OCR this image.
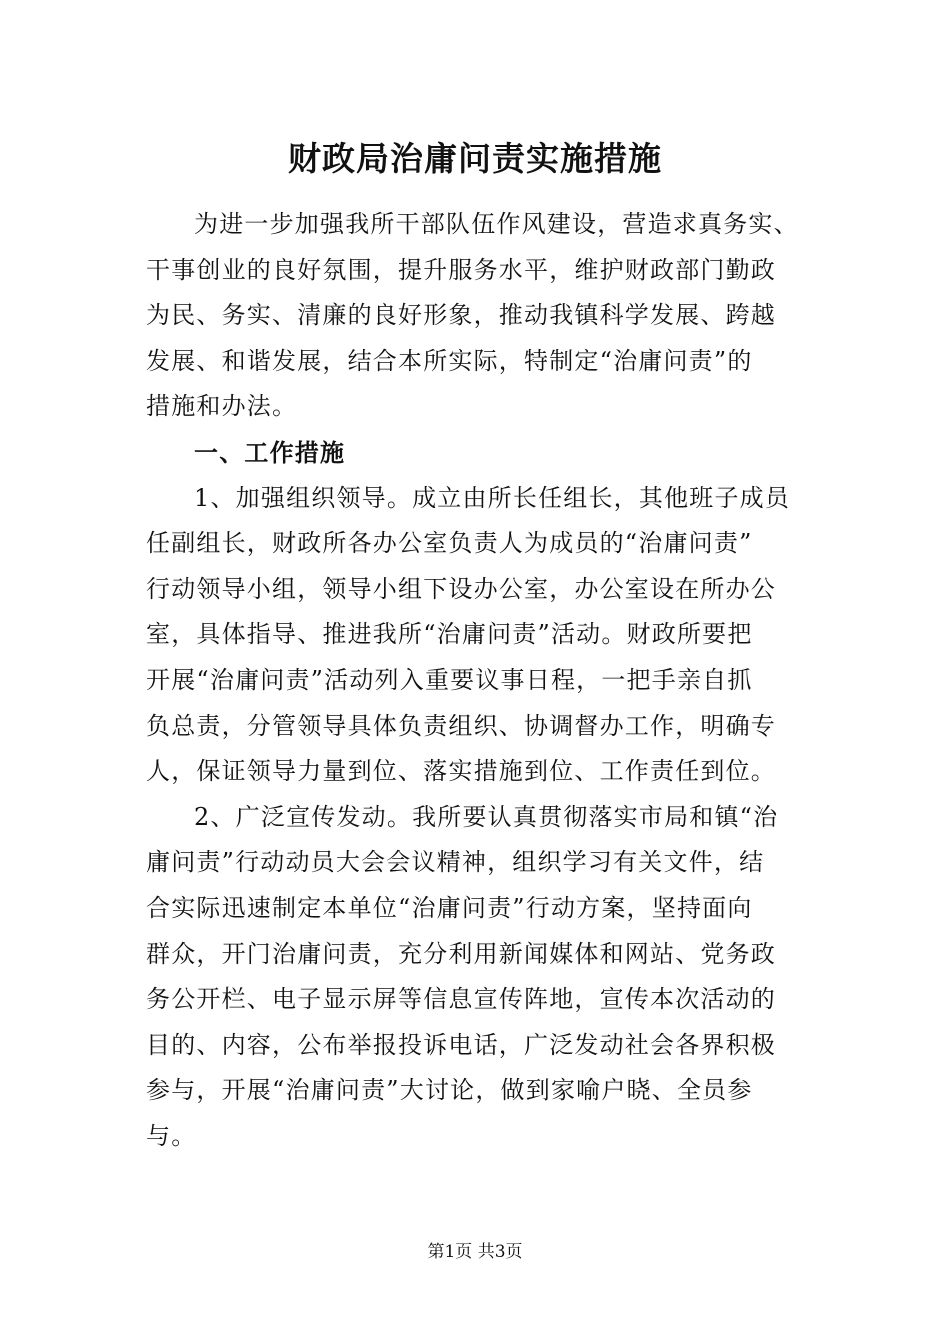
财政局治庸问责实施措施
为进一步加强我所干部队伍作风建设，营造求真务实、
干事创业的良好氛围，提升服务水平，维护财政部门勤政
为民、务实、清廉的良好形象，推动我镇科学发展、跨越
发展、和谐发展，结合本所实际，特制定“治庸问责”的
措施和办法。
一、工作措施
1、加强组织领导。成立由所长任组长，其他班子成员
任副组长，财政所各办公室负责人为成员的“治庸问责”
行动领导小组，领导小组下设办公室，办公室设在所办公
室，具体指导、推进我所“治庸问责”活动。财政所要把
开展“治庸问责”活动列入重要议事日程，一把手亲自抓
负总责，分管领导具体负责组织、协调督办工作，明确专
人，保证领导力量到位、落实措施到位、工作责任到位。
2、广泛宣传发动。我所要认真贯彻落实市局和镇“治
庸问责”行动动员大会会议精神，组织学习有关文件，结
合实际迅速制定本单位“治庸问责”行动方案，坚持面向
群众，开门治庸问责，充分利用新闻媒体和网站、党务政
务公开栏、电子显示屏等信息宣传阵地，宣传本次活动的
目的、内容，公布举报投诉电话，广泛发动社会各界积极
参与，开展“治庸问责”大讨论，做到家喻户晓、全员参
与。
第1页 共3页
